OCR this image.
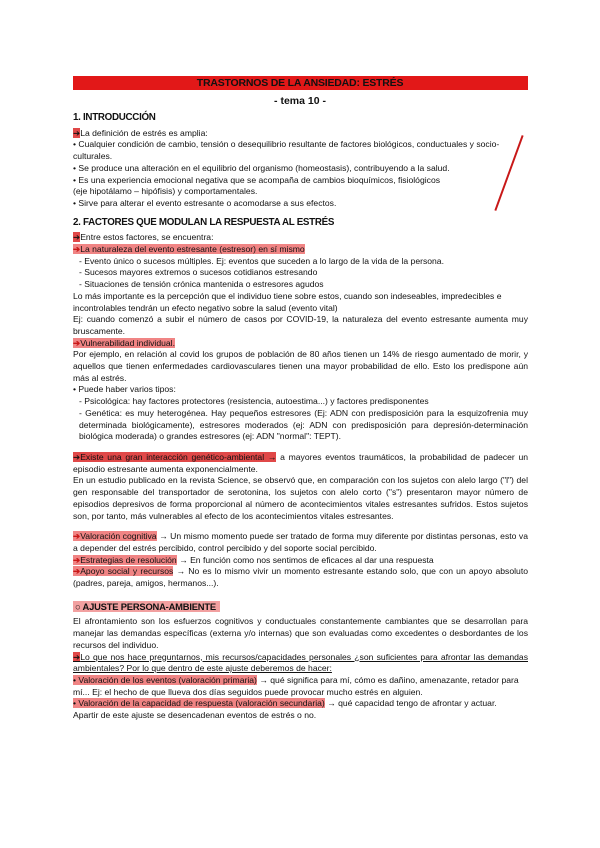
TRASTORNOS DE LA ANSIEDAD: ESTRÉS
- tema 10 -
1. INTRODUCCIÓN

➔La definición de estrés es amplia:

• Cualquier condición de cambio, tensión o desequilibrio resultante de factores biológicos, conductuales y socio-culturales.

• Se produce una alteración en el equilibrio del organismo (homeostasis), contribuyendo a la salud.

• Es una experiencia emocional negativa que se acompaña de cambios bioquímicos, fisiológicos

(eje hipotálamo – hipófisis) y comportamentales.

• Sirve para alterar el evento estresante o acomodarse a sus efectos.

2. FACTORES QUE MODULAN LA RESPUESTA AL ESTRÉS

➔Entre estos factores, se encuentra:

➔La naturaleza del evento estresante (estresor) en sí mismo

- Evento único o sucesos múltiples. Ej: eventos que suceden a lo largo de la vida de la persona.

- Sucesos mayores extremos o sucesos cotidianos estresando

- Situaciones de tensión crónica mantenida o estresores agudos

Lo más importante es la percepción que el individuo tiene sobre estos, cuando son indeseables, impredecibles e incontrolables tendrán un efecto negativo sobre la salud (evento vital)

Ej: cuando comenzó a subir el número de casos por COVID-19, la naturaleza del evento estresante aumenta muy bruscamente.

➔Vulnerabilidad individual.

Por ejemplo, en relación al covid los grupos de población de 80 años tienen un 14% de riesgo aumentado de morir, y aquellos que tienen enfermedades cardiovasculares tienen una mayor probabilidad de ello. Esto los predispone aún más al estrés.

• Puede haber varios tipos:

- Psicológica: hay factores protectores (resistencia, autoestima...) y factores predisponentes

- Genética: es muy heterogénea. Hay pequeños estresores (Ej: ADN con predisposición para la esquizofrenia muy determinada biológicamente), estresores moderados (ej: ADN con predisposición para depresión-determinación biológica moderada) o grandes estresores (ej: ADN "normal": TEPT).

➔Existe una gran interacción genético-ambiental → a mayores eventos traumáticos, la probabilidad de padecer un episodio estresante aumenta exponencialmente.

En un estudio publicado en la revista Science, se observó que, en comparación con los sujetos con alelo largo ("l") del gen responsable del transportador de serotonina, los sujetos con alelo corto ("s") presentaron mayor número de episodios depresivos de forma proporcional al número de acontecimientos vitales estresantes sufridos. Estos sujetos son, por tanto, más vulnerables al efecto de los acontecimientos vitales estresantes.

➔Valoración cognitiva → Un mismo momento puede ser tratado de forma muy diferente por distintas personas, esto va a depender del estrés percibido, control percibido y del soporte social percibido.

➔Estrategias de resolución → En función como nos sentimos de eficaces al dar una respuesta

➔Apoyo social y recursos → No es lo mismo vivir un momento estresante estando solo, que con un apoyo absoluto (padres, pareja, amigos, hermanos...).

○ AJUSTE PERSONA-AMBIENTE

El afrontamiento son los esfuerzos cognitivos y conductuales constantemente cambiantes que se desarrollan para manejar las demandas específicas (externa y/o internas) que son evaluadas como excedentes o desbordantes de los recursos del individuo.

➔Lo que nos hace preguntarnos, mis recursos/capacidades personales ¿son suficientes para afrontar las demandas ambientales? Por lo que dentro de este ajuste deberemos de hacer:

• Valoración de los eventos (valoración primaria) → qué significa para mí, cómo es dañino, amenazante, retador para mí... Ej: el hecho de que llueva dos días seguidos puede provocar mucho estrés en alguien.

• Valoración de la capacidad de respuesta (valoración secundaria) → qué capacidad tengo de afrontar y actuar.

Apartir de este ajuste se desencadenan eventos de estrés o no.
